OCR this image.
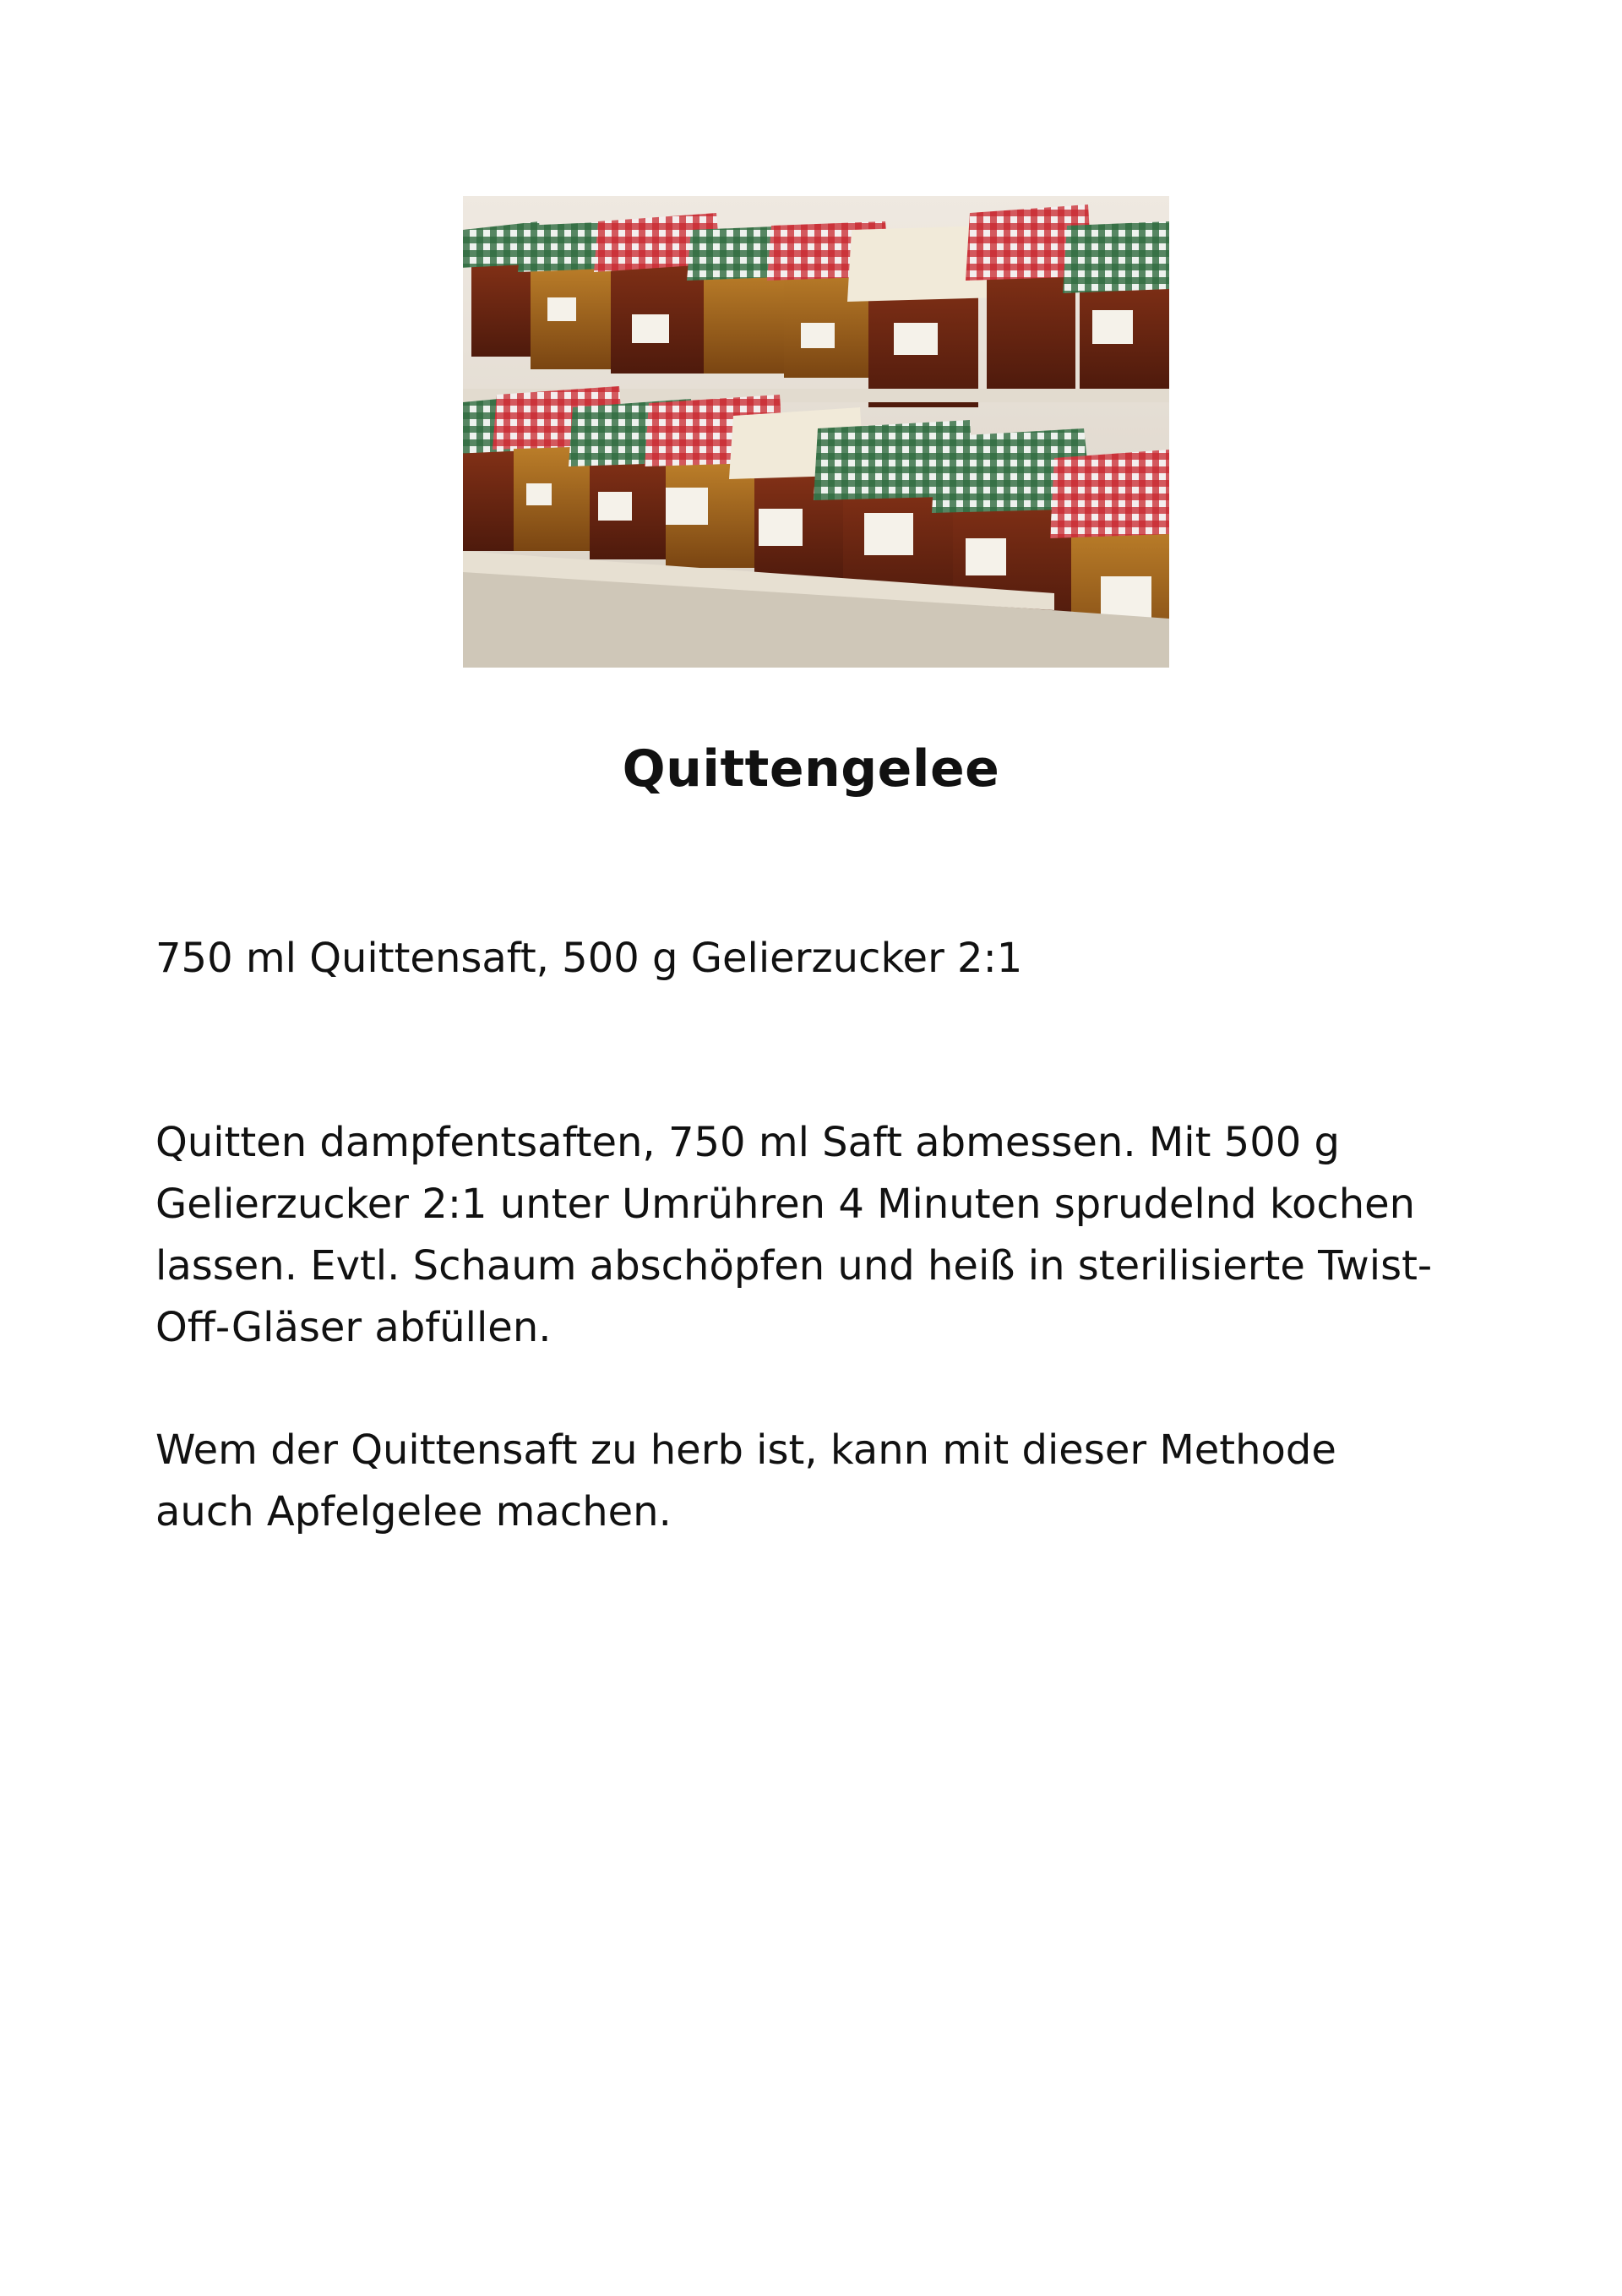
Quittengelee

750 ml Quittensaft, 500 g Gelierzucker 2:1

Quitten dampfentsaften, 750 ml Saft abmessen. Mit 500 g
Gelierzucker 2:1 unter Umrühren 4 Minuten sprudelnd kochen
lassen. Evtl. Schaum abschöpfen und heiß in sterilisierte Twist-
Off-Gläser abfüllen.
Wem der Quittensaft zu herb ist, kann mit dieser Methode
auch Apfelgelee machen.
